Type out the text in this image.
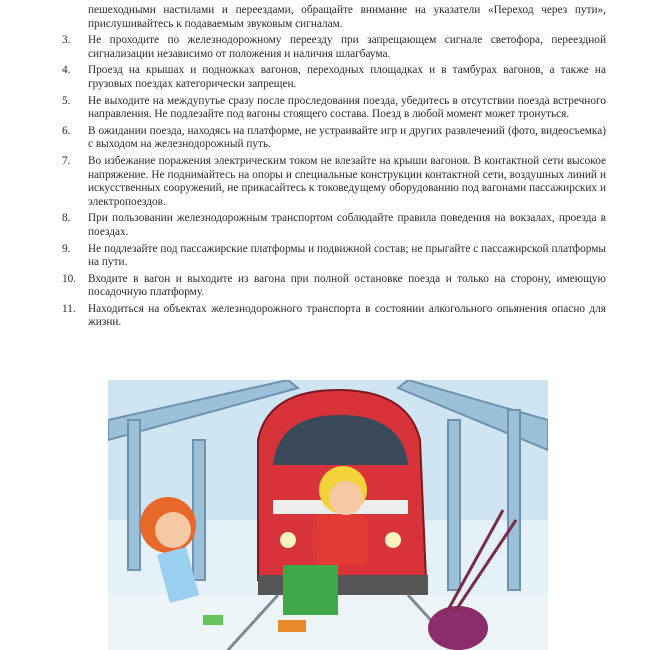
пешеходными настилами и переездами, обращайте внимание на указатели «Переход через пути», прислушивайтесь к подаваемым звуковым сигналам.
3.	Не проходите по железнодорожному переезду при запрещающем сигнале светофора, переездной сигнализации независимо от положения и наличия шлагбаума.
4.	Проезд на крышах и подножках вагонов, переходных площадках и в тамбурах вагонов, а также на грузовых поездах категорически запрещен.
5.	Не выходите на междупутье сразу после проследования поезда, убедитесь в отсутствии поезда встречного направления. Не подлезайте под вагоны стоящего состава. Поезд в любой момент может тронуться.
6.	В ожидании поезда, находясь на платформе, не устраивайте игр и других развлечений (фото, видеосъемка) с выходом на железнодорожный путь.
7.	Во избежание поражения электрическим током не влезайте на крыши вагонов. В контактной сети высокое напряжение. Не поднимайтесь на опоры и специальные конструкции контактной сети, воздушных линий и искусственных сооружений, не прикасайтесь к токоведущему оборудованию под вагонами пассажирских и электропоездов.
8.	При пользовании железнодорожным транспортом соблюдайте правила поведения на вокзалах, проезда в поездах.
9.	Не подлезайте под пассажирские платформы и подвижной состав; не прыгайте с пассажирской платформы на пути.
10.	Входите в вагон и выходите из вагона при полной остановке поезда и только на сторону, имеющую посадочную платформу.
11.	Находиться на объектах железнодорожного транспорта в состоянии алкогольного опьянения опасно для жизни.
